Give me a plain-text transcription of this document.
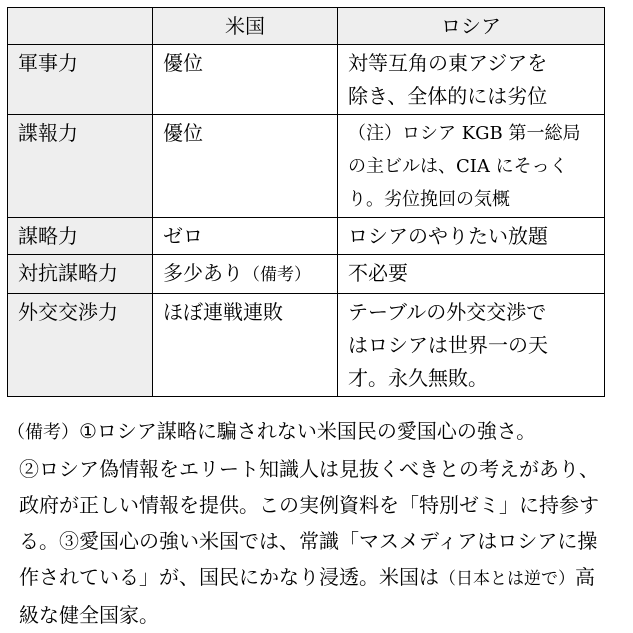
	米国	ロシア
軍事力	優位	対等互角の東アジアを
除き、全体的には劣位
諜報力	優位	（注）ロシア KGB 第一総局
の主ビルは、CIA にそっく
り。劣位挽回の気概
謀略力	ゼロ	ロシアのやりたい放題
対抗謀略力	多少あり（備考）	不必要
外交交渉力	ほぼ連戦連敗	テーブルの外交交渉で
はロシアは世界一の天
才。永久無敗。

（備考）①ロシア謀略に騙されない米国民の愛国心の強さ。

②ロシア偽情報をエリート知識人は見抜くべきとの考えがあり、

政府が正しい情報を提供。この実例資料を「特別ゼミ」に持参す

る。③愛国心の強い米国では、常識「マスメディアはロシアに操

作されている」が、国民にかなり浸透。米国は（日本とは逆で）高

級な健全国家。
